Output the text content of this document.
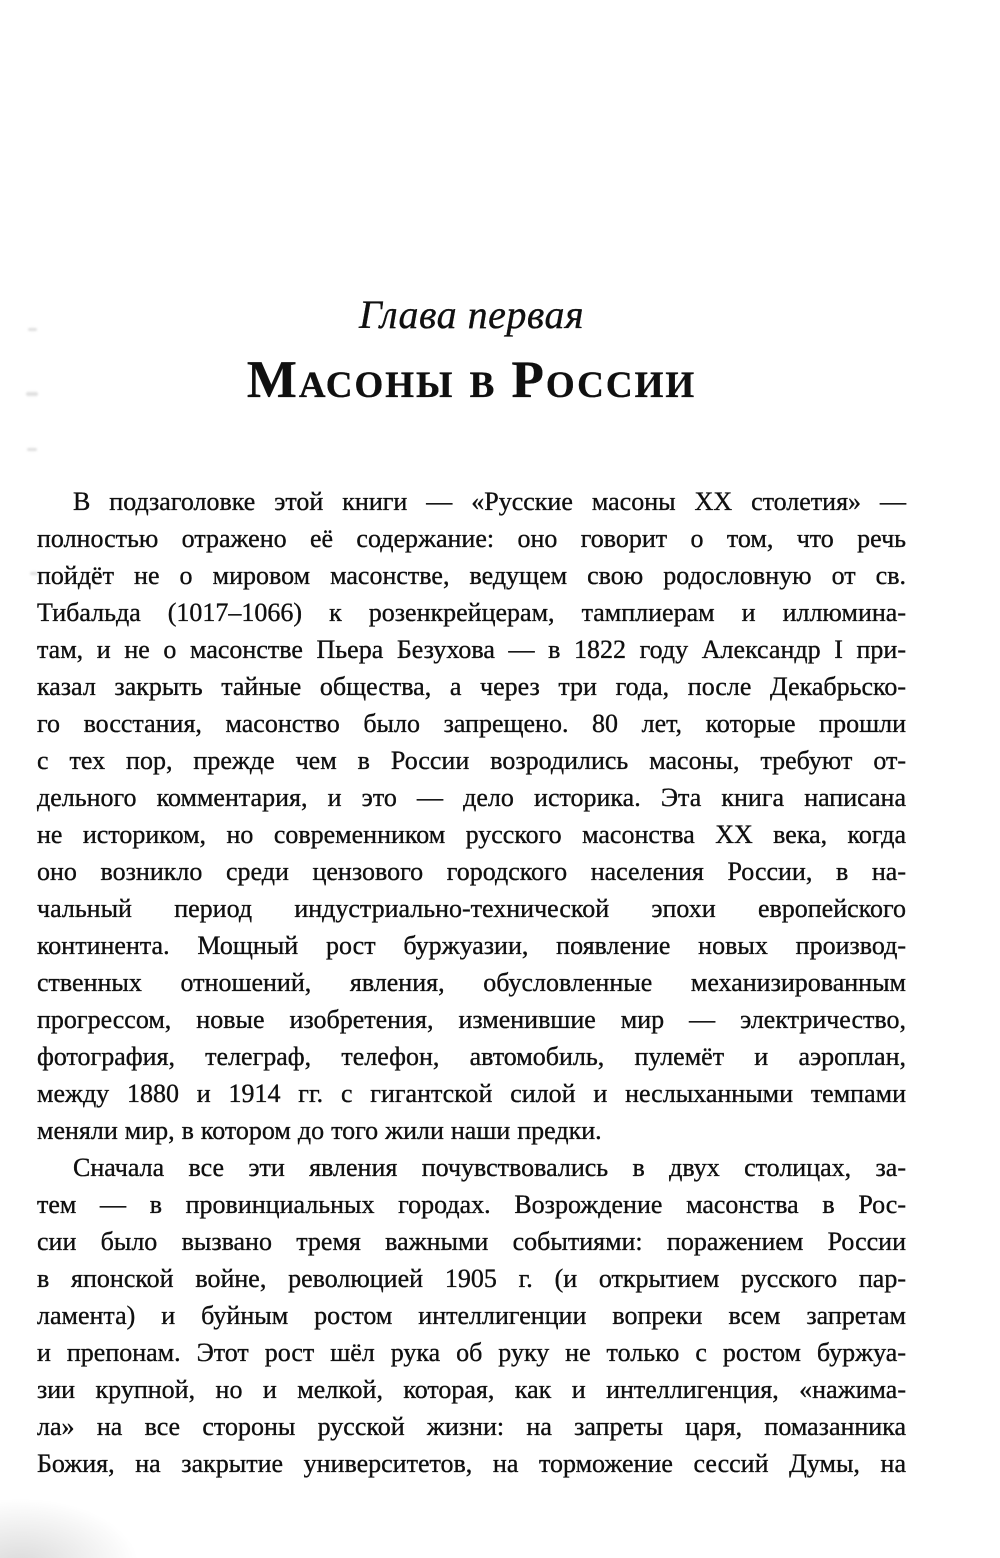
Глава первая
Масоны в России
В подзаголовке этой книги — «Русские масоны XX столетия» —
полностью отражено её содержание: оно говорит о том, что речь
пойдёт не о мировом масонстве, ведущем свою родословную от св.
Тибальда (1017–1066) к розенкрейцерам, тамплиерам и иллюмина-
там, и не о масонстве Пьера Безухова — в 1822 году Александр I при-
казал закрыть тайные общества, а через три года, после Декабрьско-
го восстания, масонство было запрещено. 80 лет, которые прошли
с тех пор, прежде чем в России возродились масоны, требуют от-
дельного комментария, и это — дело историка. Эта книга написана
не историком, но современником русского масонства XX века, когда
оно возникло среди цензового городского населения России, в на-
чальный период индустриально-технической эпохи европейского
континента. Мощный рост буржуазии, появление новых производ-
ственных отношений, явления, обусловленные механизированным
прогрессом, новые изобретения, изменившие мир — электричество,
фотография, телеграф, телефон, автомобиль, пулемёт и аэроплан,
между 1880 и 1914 гг. с гигантской силой и неслыханными темпами
меняли мир, в котором до того жили наши предки.
Сначала все эти явления почувствовались в двух столицах, за-
тем — в провинциальных городах. Возрождение масонства в Рос-
сии было вызвано тремя важными событиями: поражением России
в японской войне, революцией 1905 г. (и открытием русского пар-
ламента) и буйным ростом интеллигенции вопреки всем запретам
и препонам. Этот рост шёл рука об руку не только с ростом буржуа-
зии крупной, но и мелкой, которая, как и интеллигенция, «нажима-
ла» на все стороны русской жизни: на запреты царя, помазанника
Божия, на закрытие университетов, на торможение сессий Думы, на
